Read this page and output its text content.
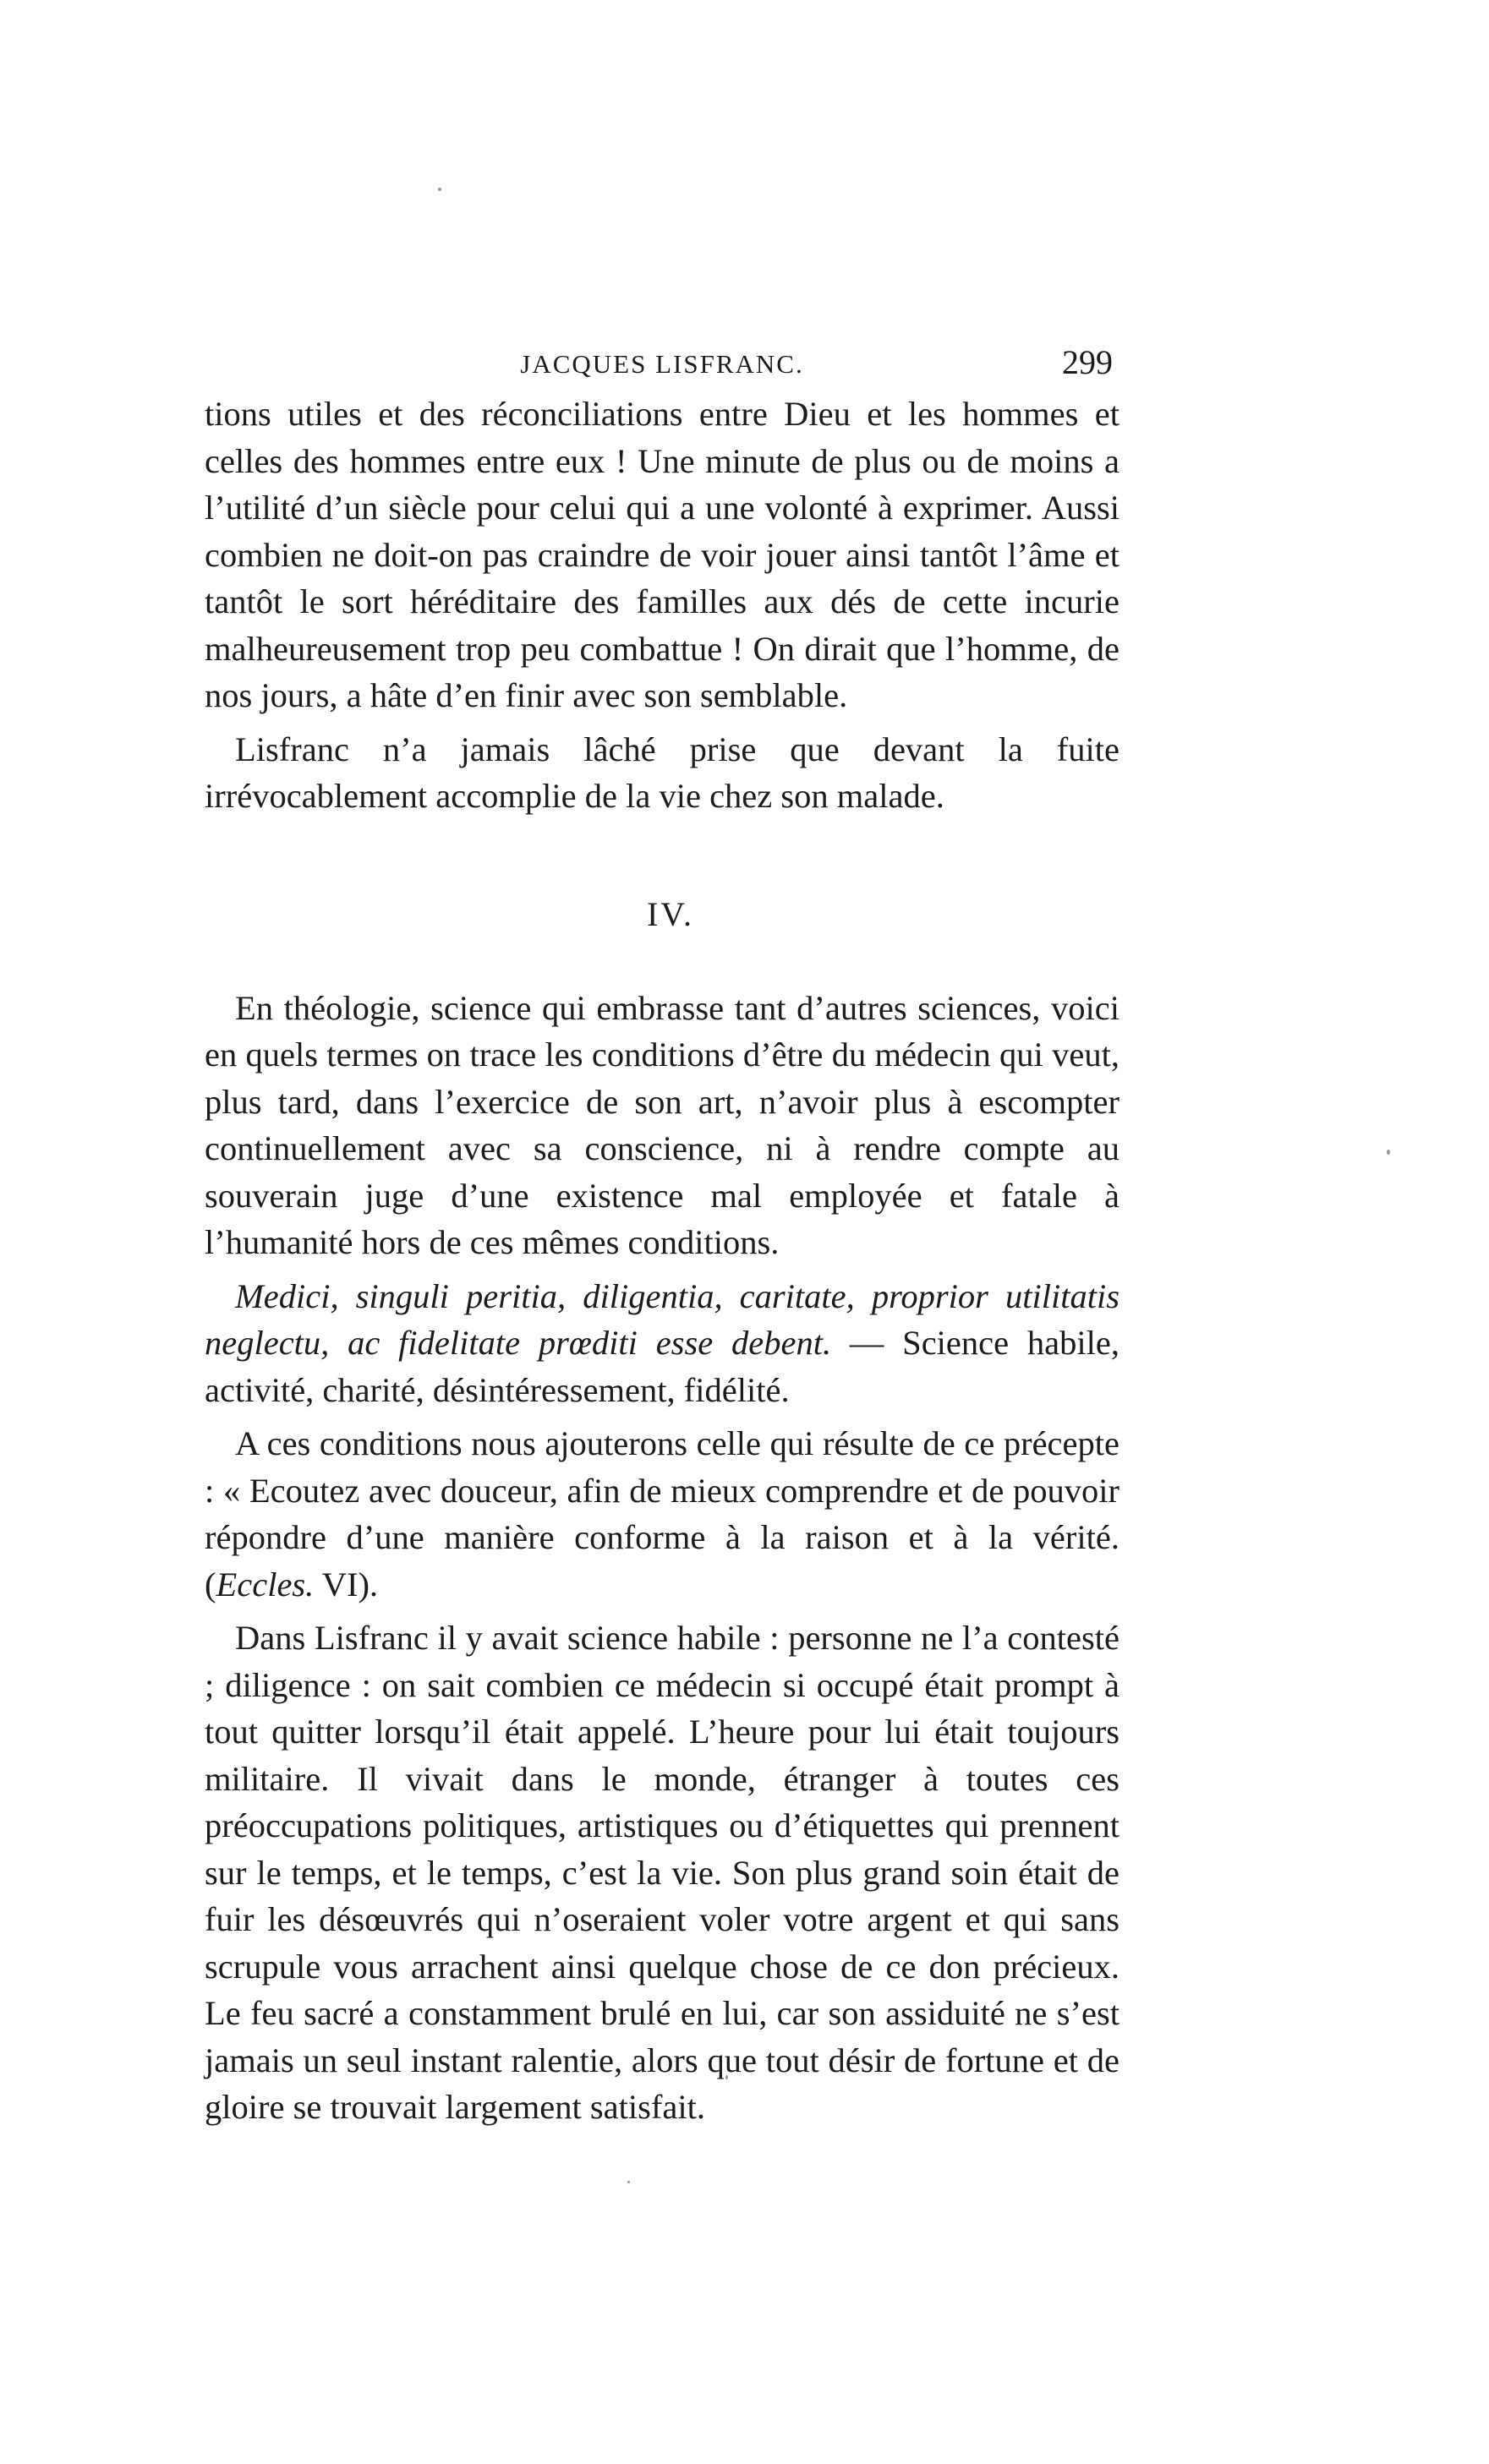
JACQUES LISFRANC.	299

tions utiles et des réconciliations entre Dieu et les hommes et celles des hommes entre eux ! Une minute de plus ou de moins a l’utilité d’un siècle pour celui qui a une volonté à exprimer. Aussi combien ne doit-on pas craindre de voir jouer ainsi tantôt l’âme et tantôt le sort héréditaire des familles aux dés de cette incurie malheureusement trop peu combattue ! On dirait que l’homme, de nos jours, a hâte d’en finir avec son semblable.

Lisfranc n’a jamais lâché prise que devant la fuite irrévocablement accomplie de la vie chez son malade.

IV.

En théologie, science qui embrasse tant d’autres sciences, voici en quels termes on trace les conditions d’être du médecin qui veut, plus tard, dans l’exercice de son art, n’avoir plus à escompter continuellement avec sa conscience, ni à rendre compte au souverain juge d’une existence mal employée et fatale à l’humanité hors de ces mêmes conditions.

Medici, singuli peritia, diligentia, caritate, proprior utilitatis neglectu, ac fidelitate prœditi esse debent. — Science habile, activité, charité, désintéressement, fidélité.

A ces conditions nous ajouterons celle qui résulte de ce précepte : « Ecoutez avec douceur, afin de mieux comprendre et de pouvoir répondre d’une manière conforme à la raison et à la vérité. (Eccles. VI).

Dans Lisfranc il y avait science habile : personne ne l’a contesté ; diligence : on sait combien ce médecin si occupé était prompt à tout quitter lorsqu’il était appelé. L’heure pour lui était toujours militaire. Il vivait dans le monde, étranger à toutes ces préoccupations politiques, artistiques ou d’étiquettes qui prennent sur le temps, et le temps, c’est la vie. Son plus grand soin était de fuir les désœuvrés qui n’oseraient voler votre argent et qui sans scrupule vous arrachent ainsi quelque chose de ce don précieux. Le feu sacré a constamment brulé en lui, car son assiduité ne s’est jamais un seul instant ralentie, alors que tout désir de fortune et de gloire se trouvait largement satisfait.
